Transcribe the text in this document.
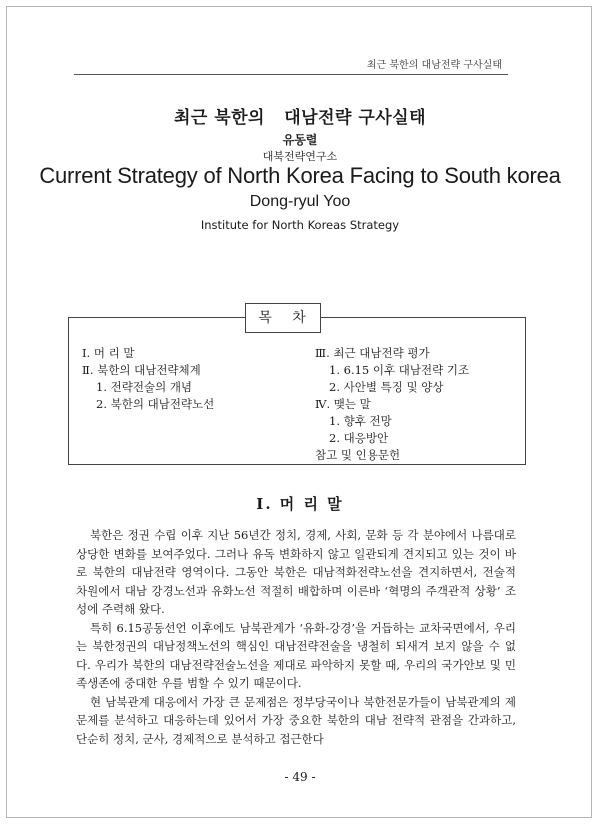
최근 북한의 대남전략 구사실태
최근 북한의   대남전략 구사실태
유동렬
대북전략연구소
Current Strategy of North Korea Facing to South korea
Dong-ryul Yoo
Institute for North Koreas Strategy
목 차
Ⅰ. 머 리 말
Ⅱ. 북한의 대남전략체계
1. 전략전술의 개념
2. 북한의 대남전략노선
Ⅲ. 최근 대남전략 평가
1. 6.15 이후 대남전략 기조
2. 사안별 특징 및 양상
Ⅳ. 맺는 말
1. 향후 전망
2. 대응방안
참고 및 인용문헌
Ⅰ. 머 리 말

북한은 정권 수립 이후 지난 56년간 정치, 경제, 사회, 문화 등 각 분야에서 나름대로 상당한 변화를 보여주었다. 그러나 유독 변화하지 않고 일관되게 견지되고 있는 것이 바로 북한의 대남전략 영역이다. 그동안 북한은 대남적화전략노선을 견지하면서, 전술적 차원에서 대남 강경노선과 유화노선 적절히 배합하며 이른바 ‘혁명의 주객관적 상황’ 조성에 주력해 왔다.

특히 6.15공동선언 이후에도 남북관계가 ‘유화-강경’을 거듭하는 교차국면에서, 우리는 북한정권의 대남정책노선의 핵심인 대남전략전술을 냉철히 되새겨 보지 않을 수 없다. 우리가 북한의 대남전략전술노선을 제대로 파악하지 못할 때, 우리의 국가안보 및 민족생존에 중대한 우를 범할 수 있기 때문이다.

현 남북관계 대응에서 가장 큰 문제점은 정부당국이나 북한전문가들이 남북관계의 제 문제를 분석하고 대응하는데 있어서 가장 중요한 북한의 대남 전략적 관점을 간과하고, 단순히 정치, 군사, 경제적으로 분석하고 접근한다

- 49 -
